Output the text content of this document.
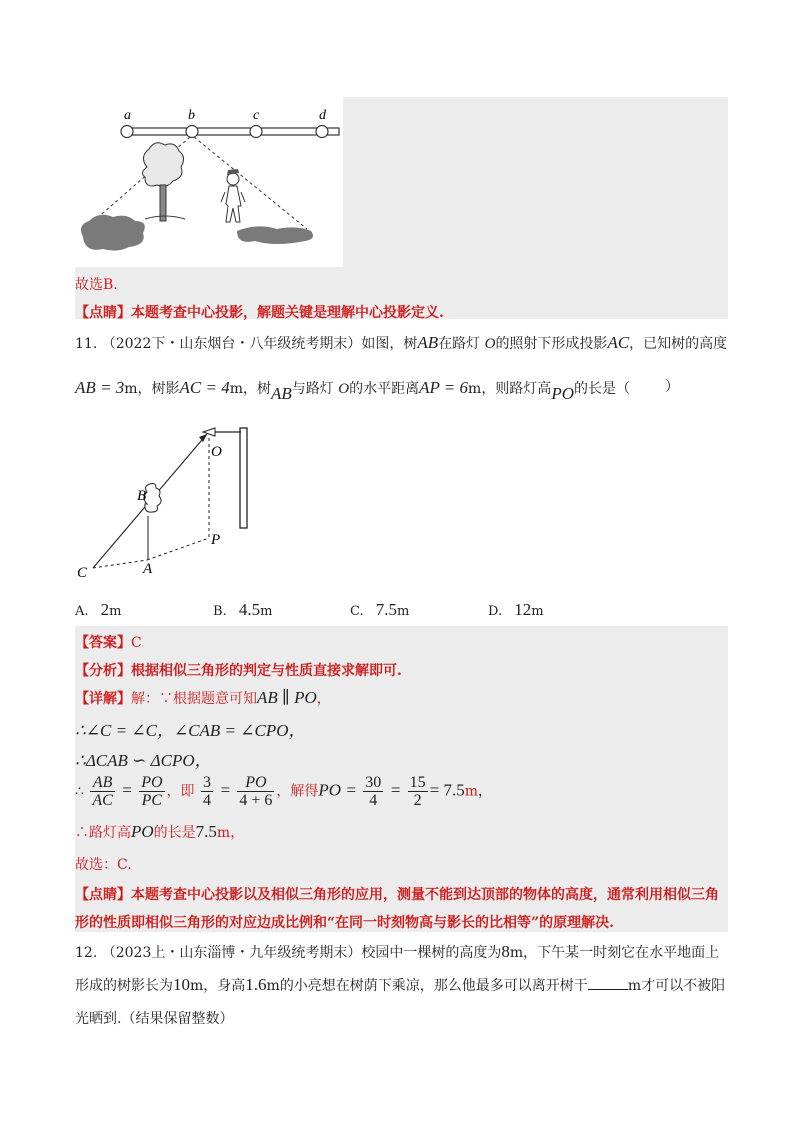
a	b	c	d
故选B.
【点睛】本题考查中心投影，解题关键是理解中心投影定义.
11. （2022下・山东烟台・八年级统考期末）如图，树AB在路灯 O的照射下形成投影AC，已知树的高度
AB = 3m，树影AC = 4m，树AB与路灯 O的水平距离AP = 6m，则路灯高PO的长是（	）
O
B
P
C	A
A. 2m	B. 4.5m	C. 7.5m	D. 12m
【答案】C
【分析】根据相似三角形的判定与性质直接求解即可.
【详解】解：∵根据题意可知AB ∥ PO，
∴∠C = ∠C，∠CAB = ∠CPO，
∴ΔCAB ∽ ΔCPO，
∴ $\frac{AB}{AC} = \frac{PO}{PC}$ ，即 $\frac{3}{4} = \frac{PO}{4 + 6}$ ，解得PO = $\frac{30}{4} = \frac{15}{2} = 7.5m$，
∴路灯高PO的长是7.5m，
故选：C.
【点睛】本题考查中心投影以及相似三角形的应用，测量不能到达顶部的物体的高度，通常利用相似三角
形的性质即相似三角形的对应边成比例和“在同一时刻物高与影长的比相等”的原理解决.
12. （2023上・山东淄博・九年级统考期末）校园中一棵树的高度为8m，下午某一时刻它在水平地面上
形成的树影长为10m，身高1.6m的小亮想在树荫下乘凉，那么他最多可以离开树干	m才可以不被阳
光晒到.（结果保留整数）
